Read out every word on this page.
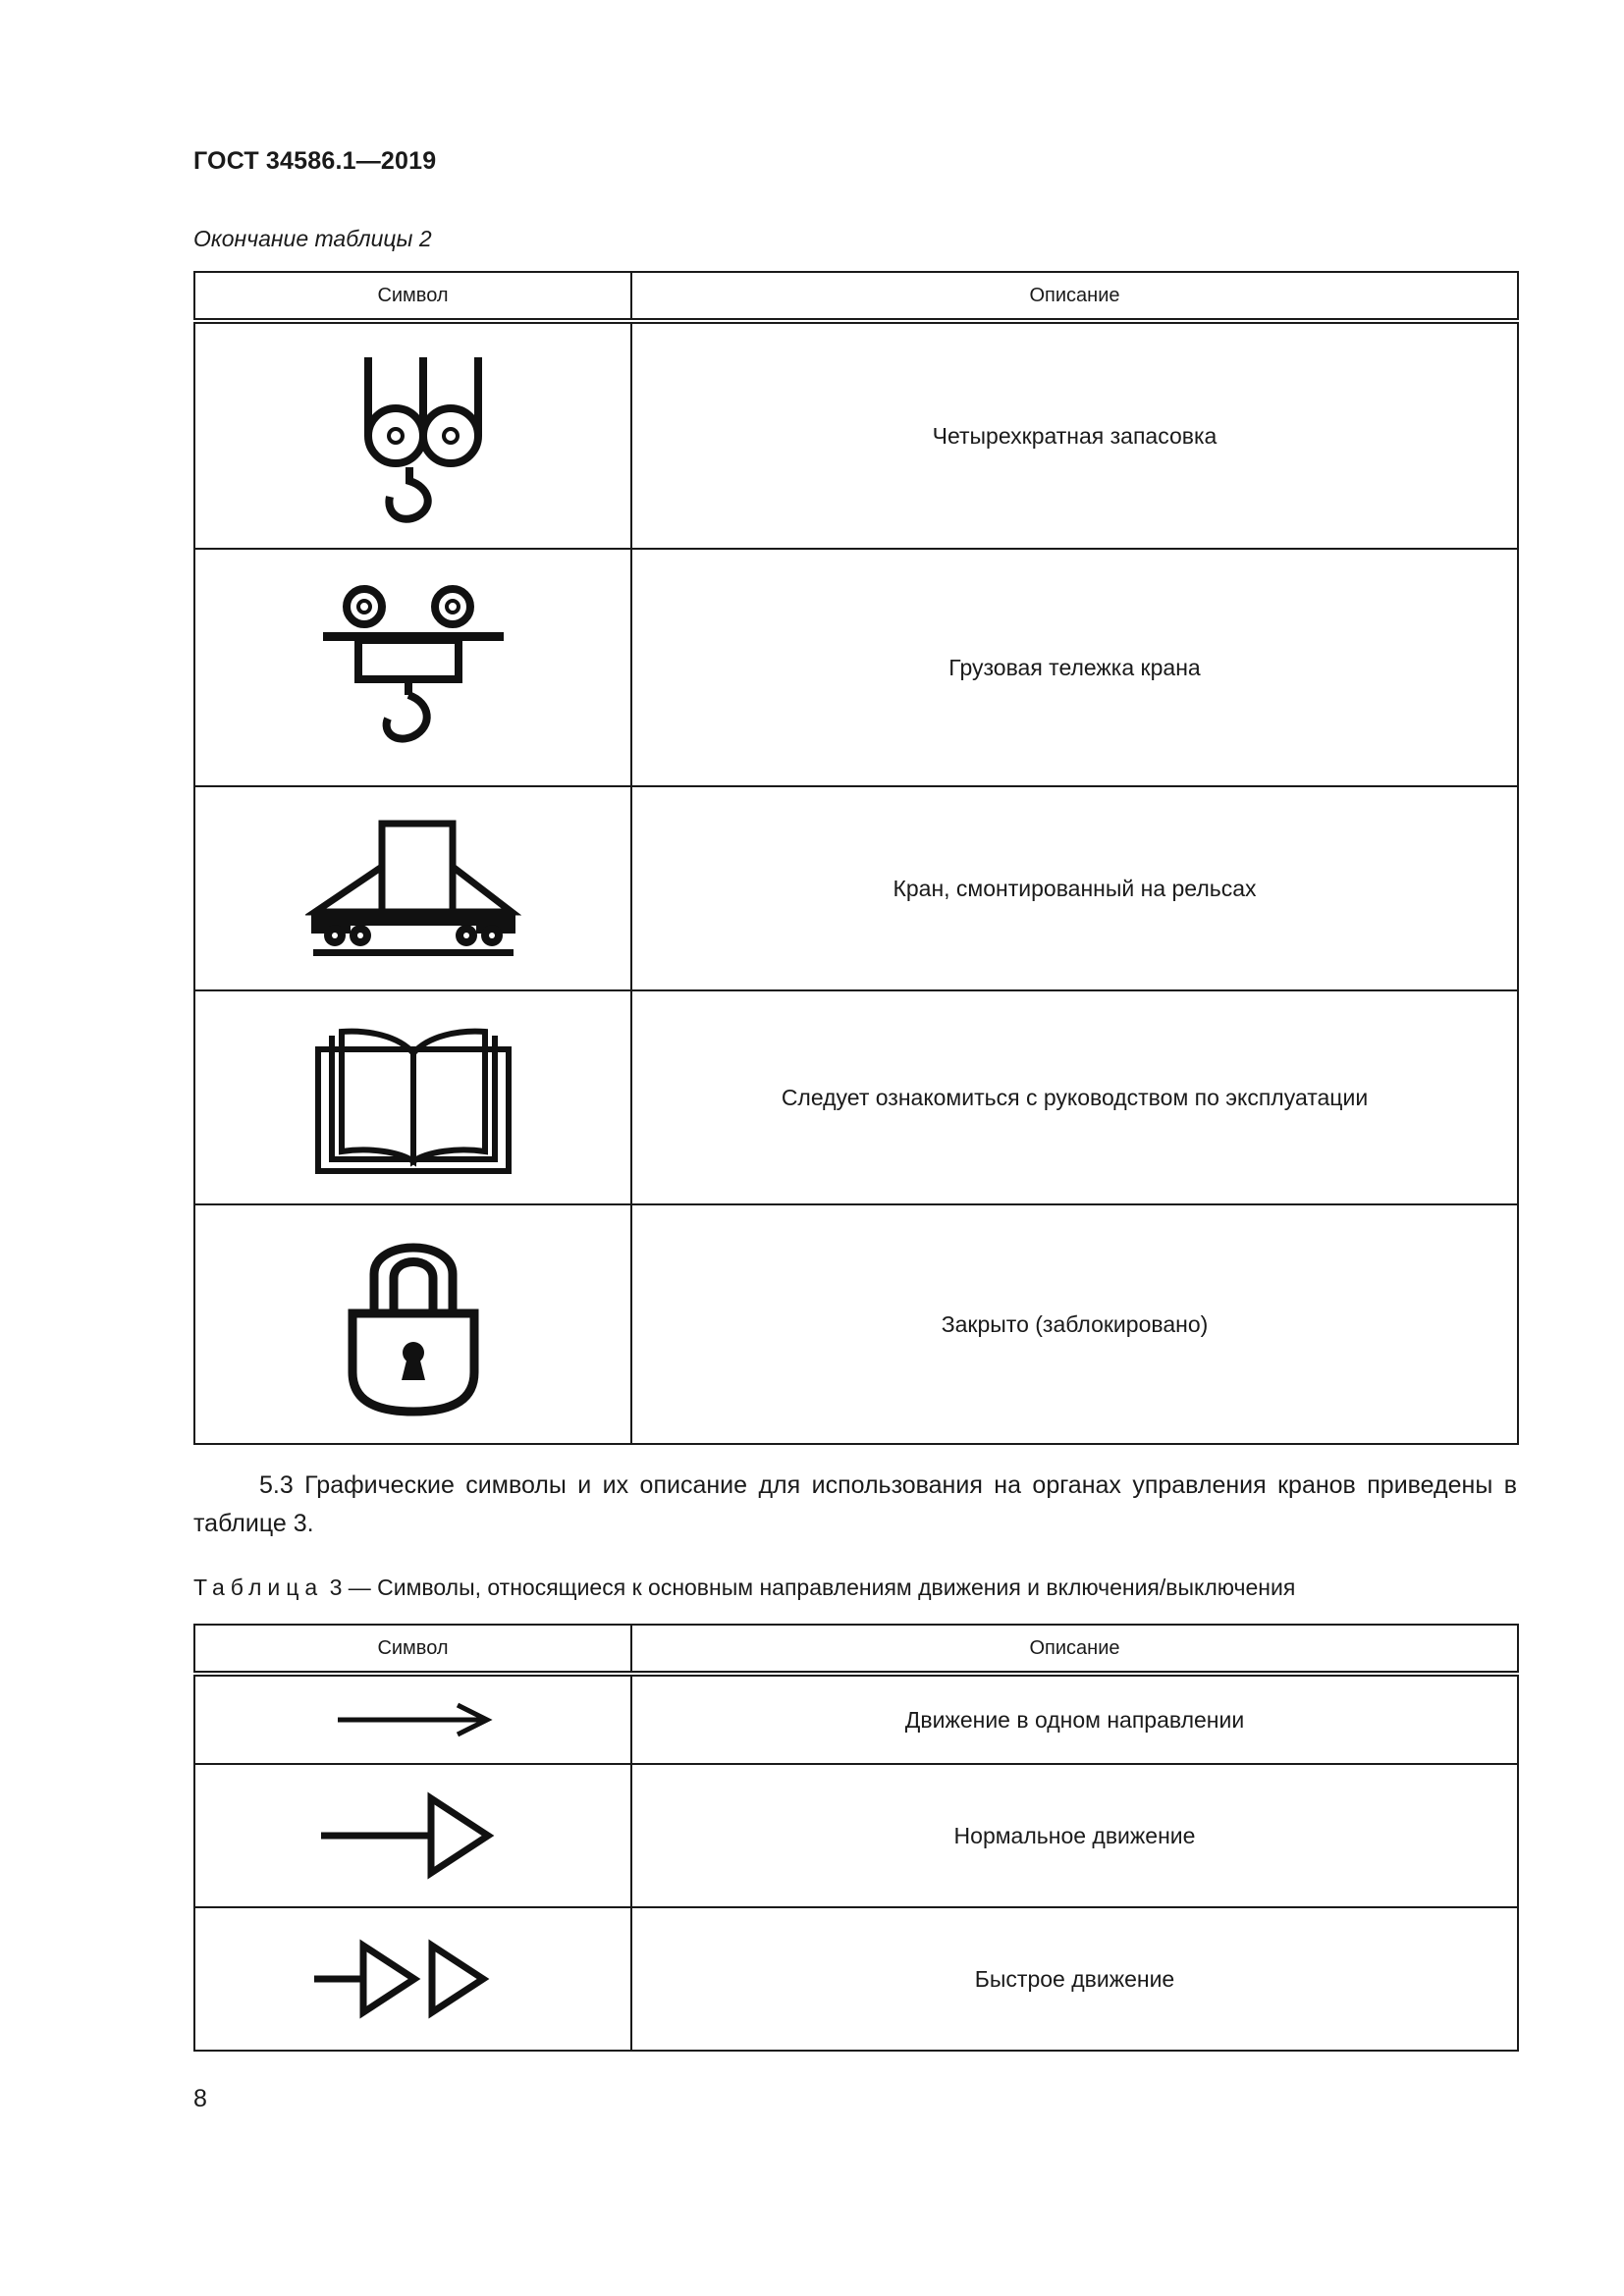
ГОСТ 34586.1—2019
Окончание таблицы 2
Символ	Описание

	Четырехкратная запасовка

	Грузовая тележка крана

	Кран, смонтированный на рельсах

	Следует ознакомиться с руководством по эксплуатации

	Закрыто (заблокировано)

5.3 Графические символы и их описание для использования на органах управления кранов приведены в таблице 3.

Таблица 3 — Символы, относящиеся к основным направлениям движения и включения/выключения
Символ	Описание

	Движение в одном направлении

	Нормальное движение

	Быстрое движение
8
